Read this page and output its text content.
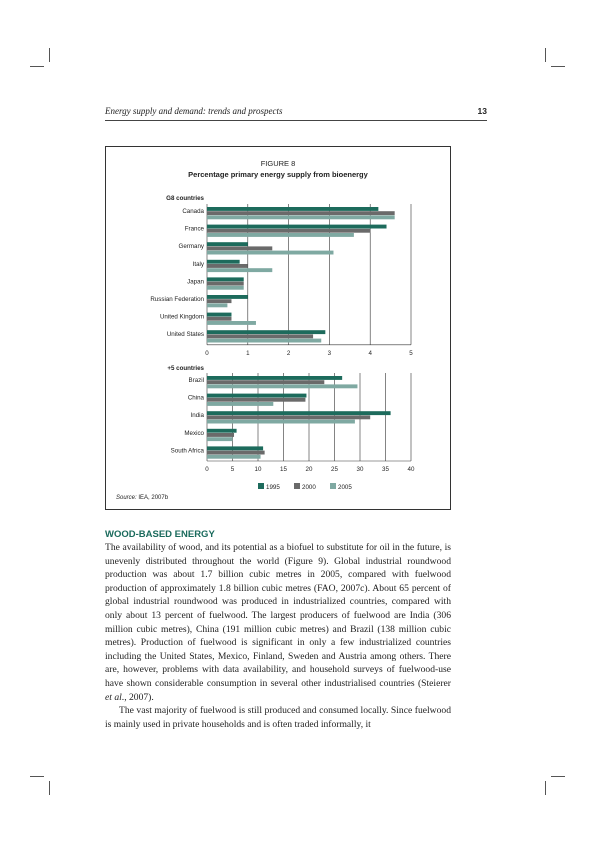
Energy supply and demand: trends and prospects	13
FIGURE 8
Percentage primary energy supply from bioenergy
G8 countries
0	1	2	3	4	5
Canada
France
Germany
Italy
Japan
Russian Federation
United Kingdom
United States
+5 countries
0	5	10	15	20	25	30	35	40
Brazil
China
India
Mexico
South Africa
1995	2000	2005
Source: IEA, 2007b
WOOD-BASED ENERGY

The availability of wood, and its potential as a biofuel to substitute for oil in the future, is unevenly distributed throughout the world (Figure 9). Global industrial roundwood production was about 1.7 billion cubic metres in 2005, compared with fuelwood production of approximately 1.8 billion cubic metres (FAO, 2007c). About 65 percent of global industrial roundwood was produced in industrialized countries, compared with only about 13 percent of fuelwood. The largest producers of fuelwood are India (306 million cubic metres), China (191 million cubic metres) and Brazil (138 million cubic metres). Production of fuelwood is significant in only a few industrialized countries including the United States, Mexico, Finland, Sweden and Austria among others. There are, however, problems with data availability, and household surveys of fuelwood-use have shown considerable consumption in several other industrialised countries (Steierer et al., 2007).

The vast majority of fuelwood is still produced and consumed locally. Since fuelwood is mainly used in private households and is often traded informally, it
